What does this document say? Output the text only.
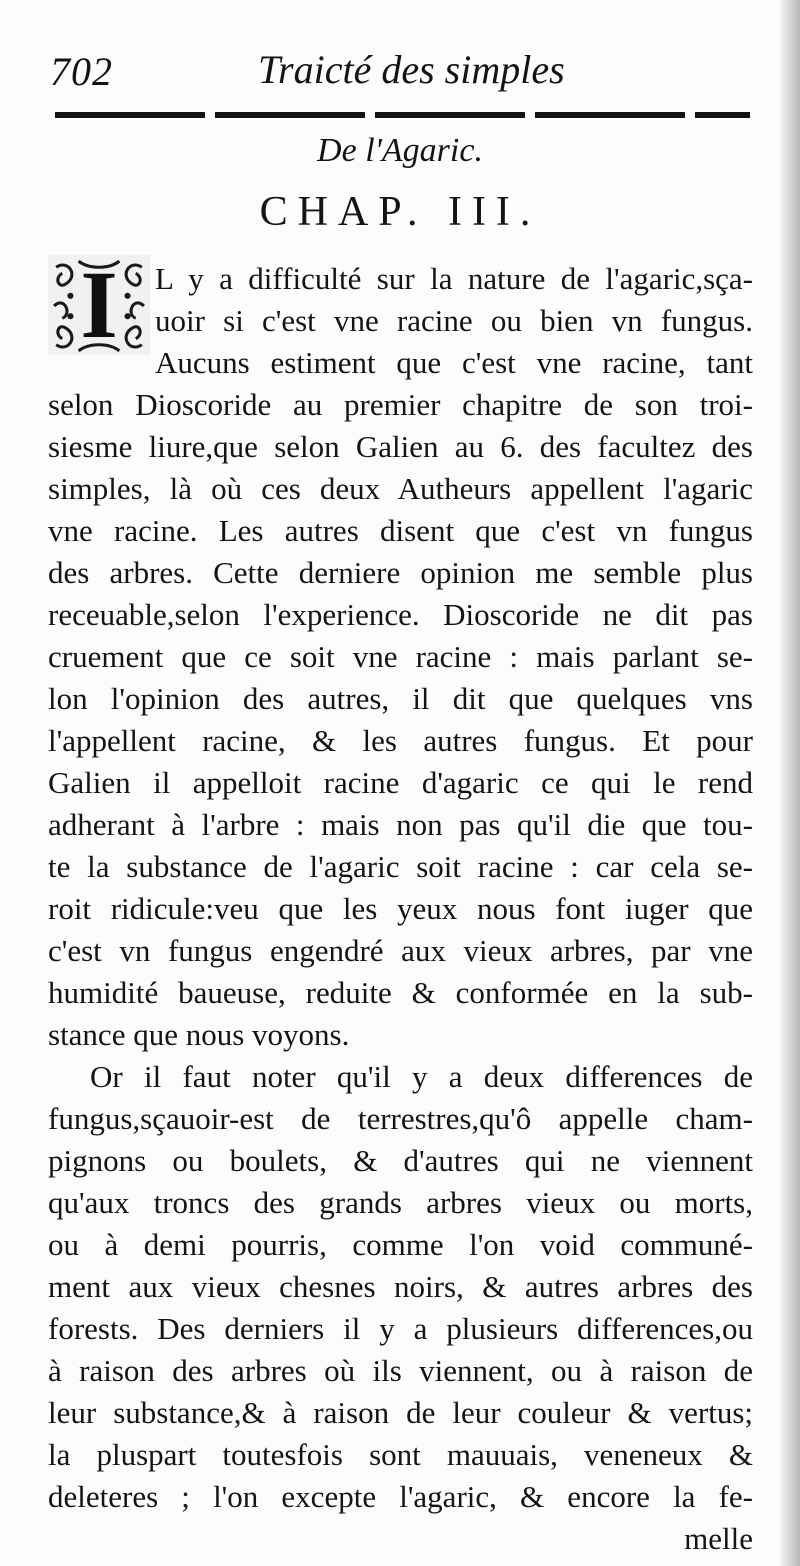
702	Traicté des simples
De l'Agaric.
CHAP. III.
I L y a difficulté sur la nature de l'agaric,sça-
uoir si c'est vne racine ou bien vn fungus.
Aucuns estiment que c'est vne racine, tant
selon Dioscoride au premier chapitre de son troi-
siesme liure,que selon Galien au 6. des facultez des
simples, là où ces deux Autheurs appellent l'agaric
vne racine. Les autres disent que c'est vn fungus
des arbres. Cette derniere opinion me semble plus
receuable,selon l'experience. Dioscoride ne dit pas
cruement que ce soit vne racine : mais parlant se-
lon l'opinion des autres, il dit que quelques vns
l'appellent racine, & les autres fungus. Et pour
Galien il appelloit racine d'agaric ce qui le rend
adherant à l'arbre : mais non pas qu'il die que tou-
te la substance de l'agaric soit racine : car cela se-
roit ridicule:veu que les yeux nous font iuger que
c'est vn fungus engendré aux vieux arbres, par vne
humidité baueuse, reduite & conformée en la sub-
stance que nous voyons.
Or il faut noter qu'il y a deux differences de
fungus,sçauoir-est de terrestres,qu'ô appelle cham-
pignons ou boulets, & d'autres qui ne viennent
qu'aux troncs des grands arbres vieux ou morts,
ou à demi pourris, comme l'on void communé-
ment aux vieux chesnes noirs, & autres arbres des
forests. Des derniers il y a plusieurs differences,ou
à raison des arbres où ils viennent, ou à raison de
leur substance,& à raison de leur couleur & vertus;
la pluspart toutesfois sont mauuais, veneneux &
deleteres ; l'on excepte l'agaric, & encore la fe-
melle
